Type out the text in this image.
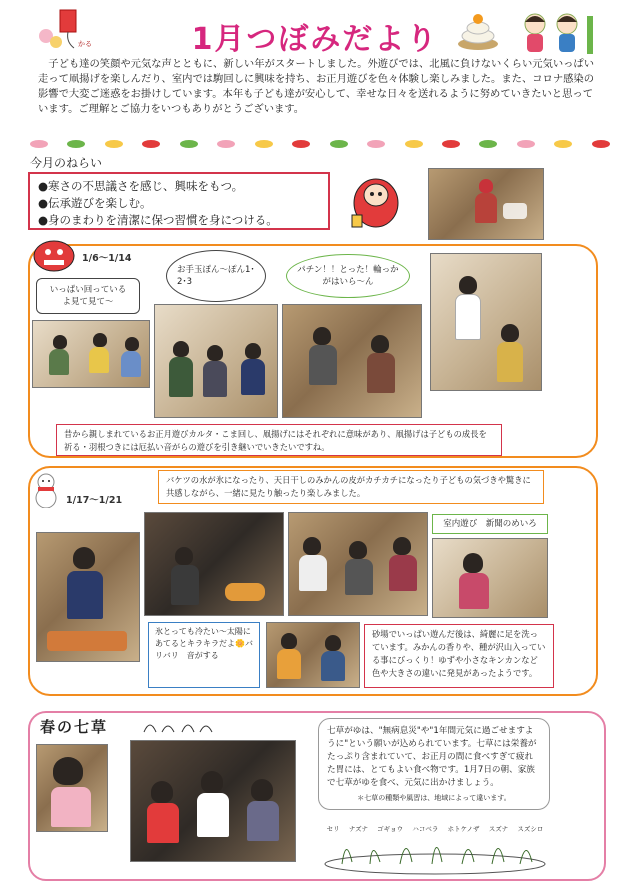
かる	1月つぼみだより
子ども達の笑顔や元気な声とともに、新しい年がスタートしました。外遊びでは、北風に負けないくらい元気いっぱい走って凧揚げを楽しんだり、室内では駒回しに興味を持ち、お正月遊びを色々体験し楽しみました。また、コロナ感染の影響で大変ご迷惑をお掛けしています。本年も子ども達が安心して、幸せな日々を送れるように努めていきたいと思っています。ご理解とご協力をいつもありがとうございます。
今月のねらい
●寒さの不思議さを感じ、興味をもつ。
●伝承遊びを楽しむ。
●身のまわりを清潔に保つ習慣を身につける。
1/6～1/14
いっぱい回っているよ見て見て～
お手玉ぽん～ぽん1･2･3
パチン！！とった！輪っかがはいら～ん
昔から親しまれているお正月遊びカルタ・こま回し、凧揚げにはそれぞれに意味があり、凧揚げは子どもの成長を祈る・羽根つきには厄払い音がらの遊びを引き継いでいきたいですね。
1/17～1/21
バケツの水が氷になったり、天日干しのみかんの皮がカチカチになったり子どもの気づきや驚きに共感しながら、一緒に見たり触ったり楽しみました。
室内遊び　新聞のめいろ
氷とっても冷たい～太陽にあてるとキラキラだよ🌼バリバリ　音がする
砂場でいっぱい遊んだ後は、綺麗に足を洗っています。みかんの香りや、種が沢山入っている事にびっくり！ゆずや小さなキンカンなど色や大きさの違いに発見があったようです。
春の七草	七草がゆは、"無病息災"や"1年間元気に過ごせますように"という願いが込められています。七草には栄養がたっぷり含まれていて、お正月の間に食べすぎて疲れた胃には、とてもよい食べ物です。1月7日の朝、家族で七草がゆを食べ、元気に出かけましょう。
＊七草の種類や風習は、地域によって違います。
セリ ナズナ ゴギョウ ハコベラ ホトケノザ スズナ スズシロ
